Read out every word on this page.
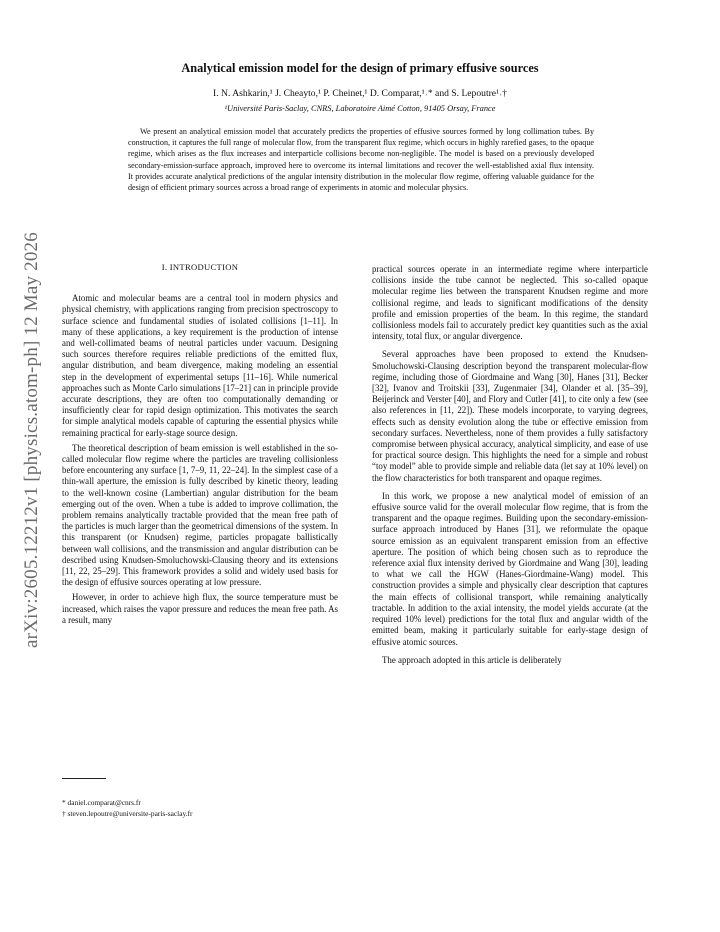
arXiv:2605.12212v1 [physics.atom-ph] 12 May 2026
Analytical emission model for the design of primary effusive sources
I. N. Ashkarin,¹ J. Cheayto,¹ P. Cheinet,¹ D. Comparat,¹˒* and S. Lepoutre¹˒†
¹Université Paris-Saclay, CNRS, Laboratoire Aimé Cotton, 91405 Orsay, France

We present an analytical emission model that accurately predicts the properties of effusive sources formed by long collimation tubes. By construction, it captures the full range of molecular flow, from the transparent flux regime, which occurs in highly rarefied gases, to the opaque regime, which arises as the flux increases and interparticle collisions become non-negligible. The model is based on a previously developed secondary-emission-surface approach, improved here to overcome its internal limitations and recover the well-established axial flux intensity. It provides accurate analytical predictions of the angular intensity distribution in the molecular flow regime, offering valuable guidance for the design of efficient primary sources across a broad range of experiments in atomic and molecular physics.

I. INTRODUCTION

Atomic and molecular beams are a central tool in modern physics and physical chemistry, with applications ranging from precision spectroscopy to surface science and fundamental studies of isolated collisions [1–11]. In many of these applications, a key requirement is the production of intense and well-collimated beams of neutral particles under vacuum. Designing such sources therefore requires reliable predictions of the emitted flux, angular distribution, and beam divergence, making modeling an essential step in the development of experimental setups [11–16]. While numerical approaches such as Monte Carlo simulations [17–21] can in principle provide accurate descriptions, they are often too computationally demanding or insufficiently clear for rapid design optimization. This motivates the search for simple analytical models capable of capturing the essential physics while remaining practical for early-stage source design.

The theoretical description of beam emission is well established in the so-called molecular flow regime where the particles are traveling collisionless before encountering any surface [1, 7–9, 11, 22–24]. In the simplest case of a thin-wall aperture, the emission is fully described by kinetic theory, leading to the well-known cosine (Lambertian) angular distribution for the beam emerging out of the oven. When a tube is added to improve collimation, the problem remains analytically tractable provided that the mean free path of the particles is much larger than the geometrical dimensions of the system. In this transparent (or Knudsen) regime, particles propagate ballistically between wall collisions, and the transmission and angular distribution can be described using Knudsen-Smoluchowski-Clausing theory and its extensions [11, 22, 25–29]. This framework provides a solid and widely used basis for the design of effusive sources operating at low pressure.

However, in order to achieve high flux, the source temperature must be increased, which raises the vapor pressure and reduces the mean free path. As a result, many

practical sources operate in an intermediate regime where interparticle collisions inside the tube cannot be neglected. This so-called opaque molecular regime lies between the transparent Knudsen regime and more collisional regime, and leads to significant modifications of the density profile and emission properties of the beam. In this regime, the standard collisionless models fail to accurately predict key quantities such as the axial intensity, total flux, or angular divergence.

Several approaches have been proposed to extend the Knudsen-Smoluchowski-Clausing description beyond the transparent molecular-flow regime, including those of Giordmaine and Wang [30], Hanes [31], Becker [32], Ivanov and Troitskii [33], Zugenmaier [34], Olander et al. [35–39], Beijerinck and Verster [40], and Flory and Cutler [41], to cite only a few (see also references in [11, 22]). These models incorporate, to varying degrees, effects such as density evolution along the tube or effective emission from secondary surfaces. Nevertheless, none of them provides a fully satisfactory compromise between physical accuracy, analytical simplicity, and ease of use for practical source design. This highlights the need for a simple and robust “toy model” able to provide simple and reliable data (let say at 10% level) on the flow characteristics for both transparent and opaque regimes.

In this work, we propose a new analytical model of emission of an effusive source valid for the overall molecular flow regime, that is from the transparent and the opaque regimes. Building upon the secondary-emission-surface approach introduced by Hanes [31], we reformulate the opaque source emission as an equivalent transparent emission from an effective aperture. The position of which being chosen such as to reproduce the reference axial flux intensity derived by Giordmaine and Wang [30], leading to what we call the HGW (Hanes-Giordmaine-Wang) model. This construction provides a simple and physically clear description that captures the main effects of collisional transport, while remaining analytically tractable. In addition to the axial intensity, the model yields accurate (at the required 10% level) predictions for the total flux and angular width of the emitted beam, making it particularly suitable for early-stage design of effusive atomic sources.

The approach adopted in this article is deliberately

* daniel.comparat@cnrs.fr
† steven.lepoutre@universite-paris-saclay.fr
